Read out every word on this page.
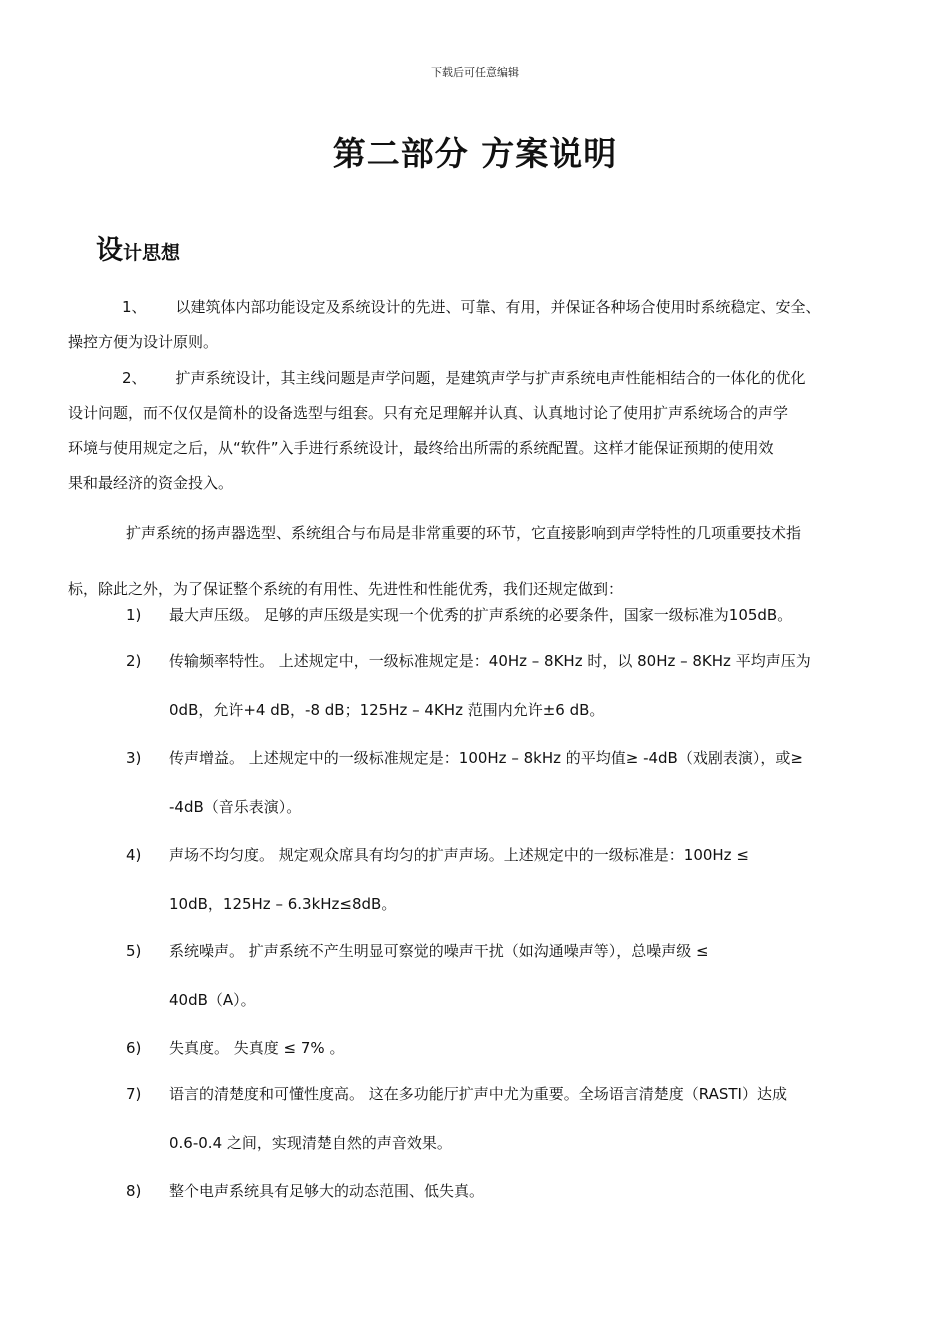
下载后可任意编辑
第二部分 方案说明
设计思想
1、 以建筑体内部功能设定及系统设计的先进、可靠、有用，并保证各种场合使用时系统稳定、安全、
操控方便为设计原则。
2、 扩声系统设计，其主线问题是声学问题，是建筑声学与扩声系统电声性能相结合的一体化的优化
设计问题，而不仅仅是简朴的设备选型与组套。只有充足理解并认真、认真地讨论了使用扩声系统场合的声学
环境与使用规定之后，从“软件”入手进行系统设计，最终给出所需的系统配置。这样才能保证预期的使用效
果和最经济的资金投入。
扩声系统的扬声器选型、系统组合与布局是非常重要的环节，它直接影响到声学特性的几项重要技术指
标，除此之外，为了保证整个系统的有用性、先进性和性能优秀，我们还规定做到：
1) 最大声压级。 足够的声压级是实现一个优秀的扩声系统的必要条件，国家一级标准为105dB。
2) 传输频率特性。 上述规定中，一级标准规定是：40Hz – 8KHz 时，以 80Hz – 8KHz 平均声压为
0dB，允许+4 dB，-8 dB；125Hz – 4KHz 范围内允许±6 dB。
3) 传声增益。 上述规定中的一级标准规定是：100Hz – 8kHz 的平均值≥ -4dB（戏剧表演），或≥
-4dB（音乐表演）。
4) 声场不均匀度。 规定观众席具有均匀的扩声声场。上述规定中的一级标准是：100Hz ≤
10dB，125Hz – 6.3kHz≤8dB。
5) 系统噪声。 扩声系统不产生明显可察觉的噪声干扰（如沟通噪声等），总噪声级 ≤
40dB（A）。
6) 失真度。 失真度 ≤ 7% 。
7) 语言的清楚度和可懂性度高。 这在多功能厅扩声中尤为重要。全场语言清楚度（RASTI）达成
0.6-0.4 之间，实现清楚自然的声音效果。
8) 整个电声系统具有足够大的动态范围、低失真。
